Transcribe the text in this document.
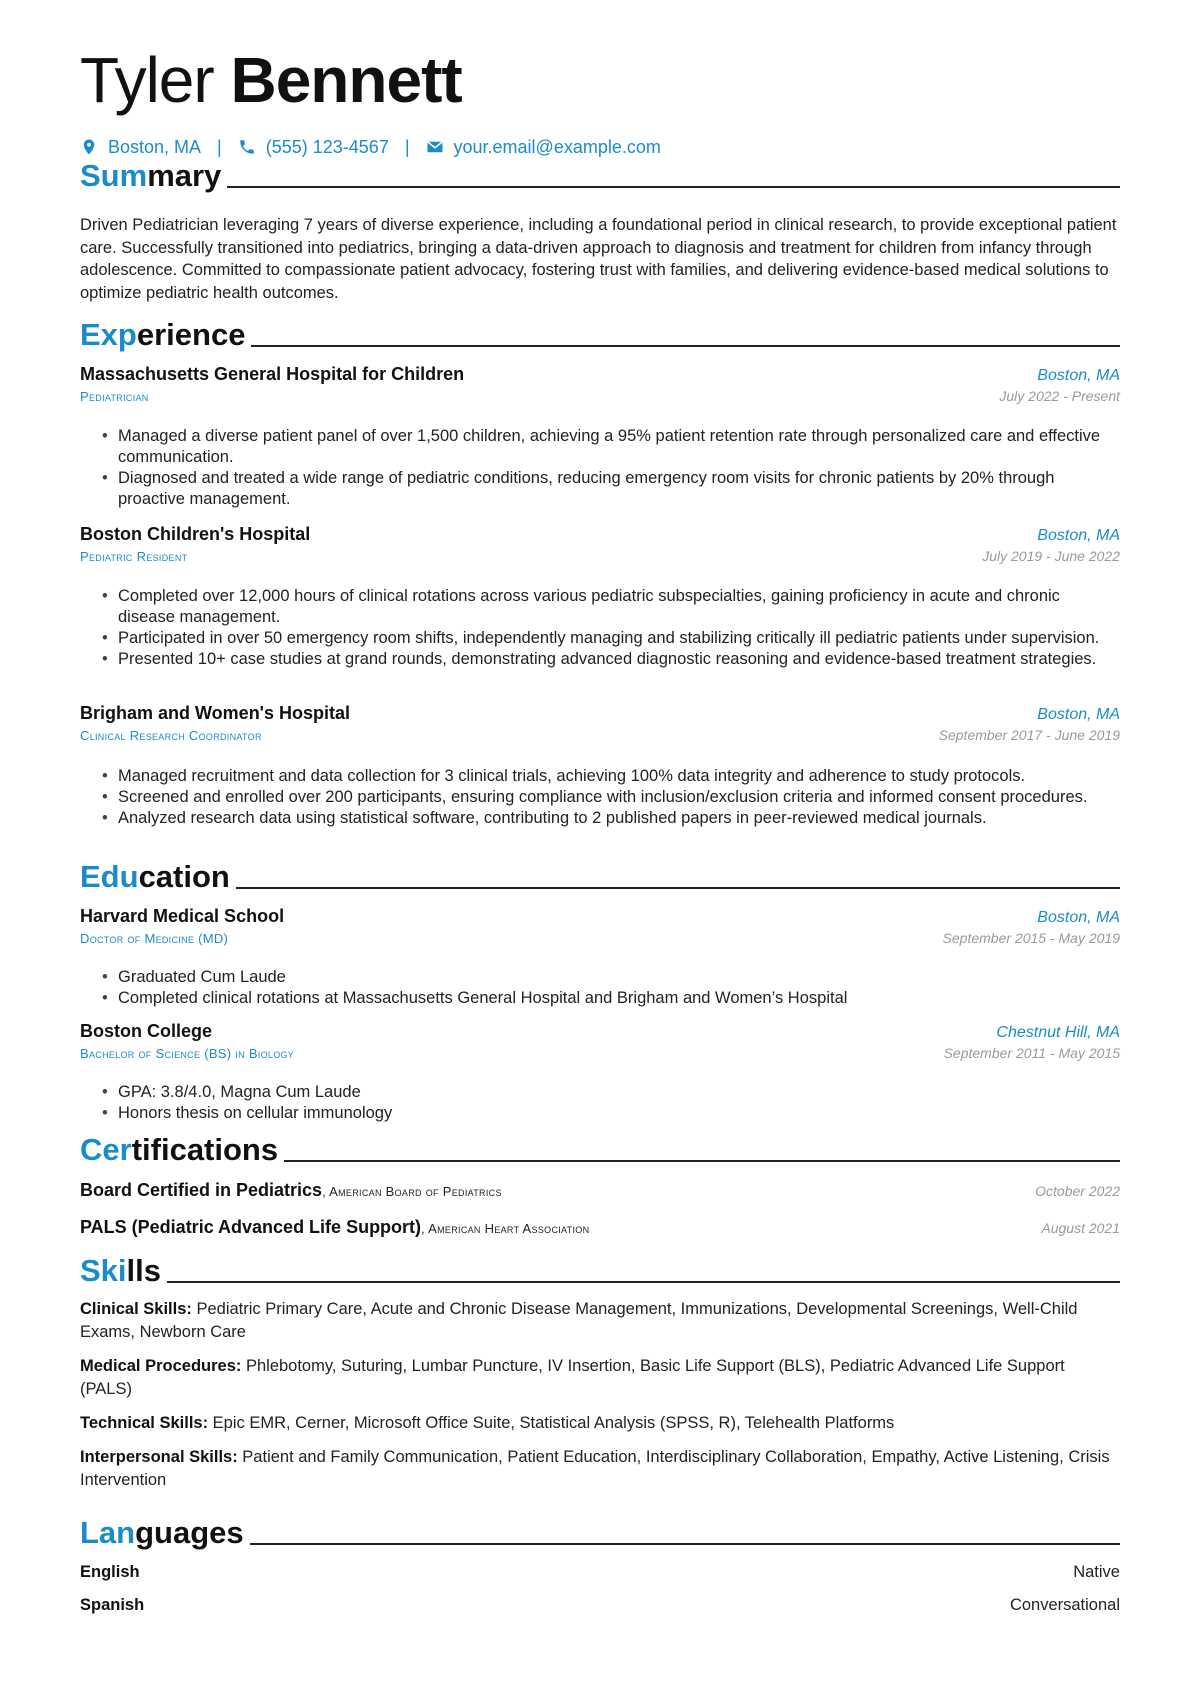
Tyler Bennett
Boston, MA | (555) 123-4567 | your.email@example.com
Summary
Driven Pediatrician leveraging 7 years of diverse experience, including a foundational period in clinical research, to provide exceptional patient care. Successfully transitioned into pediatrics, bringing a data-driven approach to diagnosis and treatment for children from infancy through adolescence. Committed to compassionate patient advocacy, fostering trust with families, and delivering evidence-based medical solutions to optimize pediatric health outcomes.
Experience
Massachusetts General Hospital for Children	Boston, MA
Pediatrician	July 2022 - Present
• Managed a diverse patient panel of over 1,500 children, achieving a 95% patient retention rate through personalized care and effective communication.
• Diagnosed and treated a wide range of pediatric conditions, reducing emergency room visits for chronic patients by 20% through proactive management.
Boston Children's Hospital	Boston, MA
Pediatric Resident	July 2019 - June 2022
• Completed over 12,000 hours of clinical rotations across various pediatric subspecialties, gaining proficiency in acute and chronic disease management.
• Participated in over 50 emergency room shifts, independently managing and stabilizing critically ill pediatric patients under supervision.
• Presented 10+ case studies at grand rounds, demonstrating advanced diagnostic reasoning and evidence-based treatment strategies.
Brigham and Women's Hospital	Boston, MA
Clinical Research Coordinator	September 2017 - June 2019
• Managed recruitment and data collection for 3 clinical trials, achieving 100% data integrity and adherence to study protocols.
• Screened and enrolled over 200 participants, ensuring compliance with inclusion/exclusion criteria and informed consent procedures.
• Analyzed research data using statistical software, contributing to 2 published papers in peer-reviewed medical journals.
Education
Harvard Medical School	Boston, MA
Doctor of Medicine (MD)	September 2015 - May 2019
• Graduated Cum Laude
• Completed clinical rotations at Massachusetts General Hospital and Brigham and Women’s Hospital
Boston College	Chestnut Hill, MA
Bachelor of Science (BS) in Biology	September 2011 - May 2015
• GPA: 3.8/4.0, Magna Cum Laude
• Honors thesis on cellular immunology
Certifications
Board Certified in Pediatrics, American Board of Pediatrics	October 2022
PALS (Pediatric Advanced Life Support), American Heart Association	August 2021
Skills
Clinical Skills: Pediatric Primary Care, Acute and Chronic Disease Management, Immunizations, Developmental Screenings, Well-Child Exams, Newborn Care
Medical Procedures: Phlebotomy, Suturing, Lumbar Puncture, IV Insertion, Basic Life Support (BLS), Pediatric Advanced Life Support (PALS)
Technical Skills: Epic EMR, Cerner, Microsoft Office Suite, Statistical Analysis (SPSS, R), Telehealth Platforms
Interpersonal Skills: Patient and Family Communication, Patient Education, Interdisciplinary Collaboration, Empathy, Active Listening, Crisis Intervention
Languages
English	Native
Spanish	Conversational
